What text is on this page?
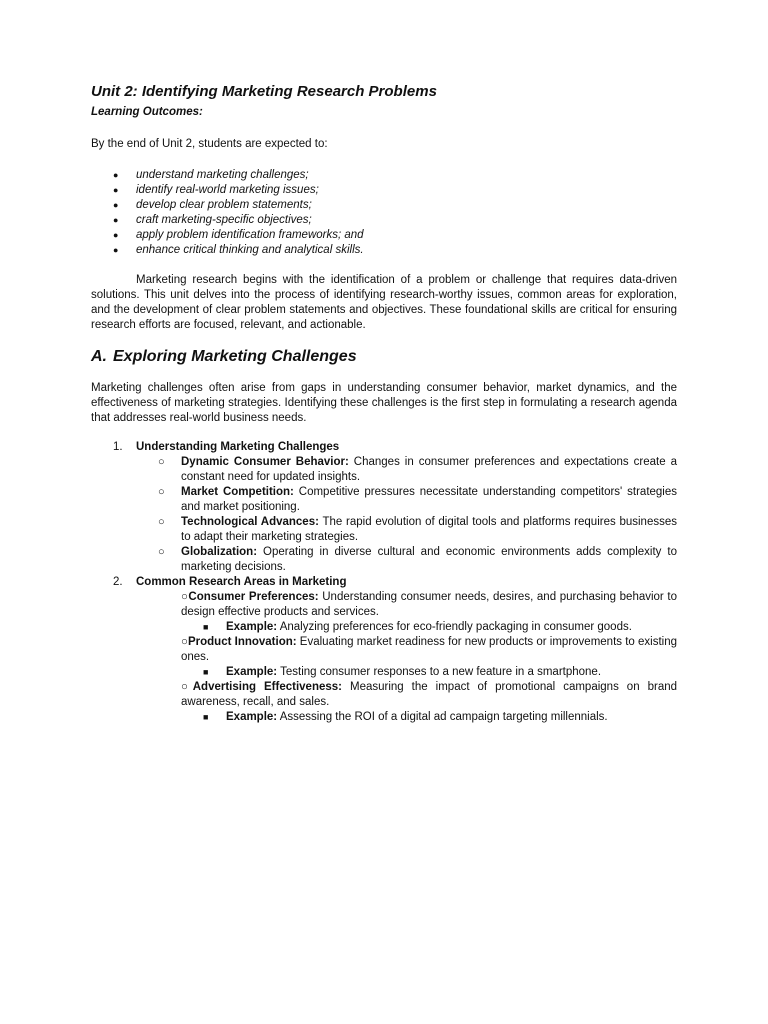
Unit 2: Identifying Marketing Research Problems
Learning Outcomes:

By the end of Unit 2, students are expected to:

● understand marketing challenges;
● identify real-world marketing issues;
● develop clear problem statements;
● craft marketing-specific objectives;
● apply problem identification frameworks; and
● enhance critical thinking and analytical skills.

Marketing research begins with the identification of a problem or challenge that requires data-driven solutions. This unit delves into the process of identifying research-worthy issues, common areas for exploration, and the development of clear problem statements and objectives. These foundational skills are critical for ensuring research efforts are focused, relevant, and actionable.

A. Exploring Marketing Challenges

Marketing challenges often arise from gaps in understanding consumer behavior, market dynamics, and the effectiveness of marketing strategies. Identifying these challenges is the first step in formulating a research agenda that addresses real-world business needs.

1. Understanding Marketing Challenges
○ Dynamic Consumer Behavior: Changes in consumer preferences and expectations create a constant need for updated insights.
○ Market Competition: Competitive pressures necessitate understanding competitors' strategies and market positioning.
○ Technological Advances: The rapid evolution of digital tools and platforms requires businesses to adapt their marketing strategies.
○ Globalization: Operating in diverse cultural and economic environments adds complexity to marketing decisions.
2. Common Research Areas in Marketing
○Consumer Preferences: Understanding consumer needs, desires, and purchasing behavior to design effective products and services.
■ Example: Analyzing preferences for eco-friendly packaging in consumer goods.
○Product Innovation: Evaluating market readiness for new products or improvements to existing ones.
■ Example: Testing consumer responses to a new feature in a smartphone.
○Advertising Effectiveness: Measuring the impact of promotional campaigns on brand awareness, recall, and sales.
■ Example: Assessing the ROI of a digital ad campaign targeting millennials.
